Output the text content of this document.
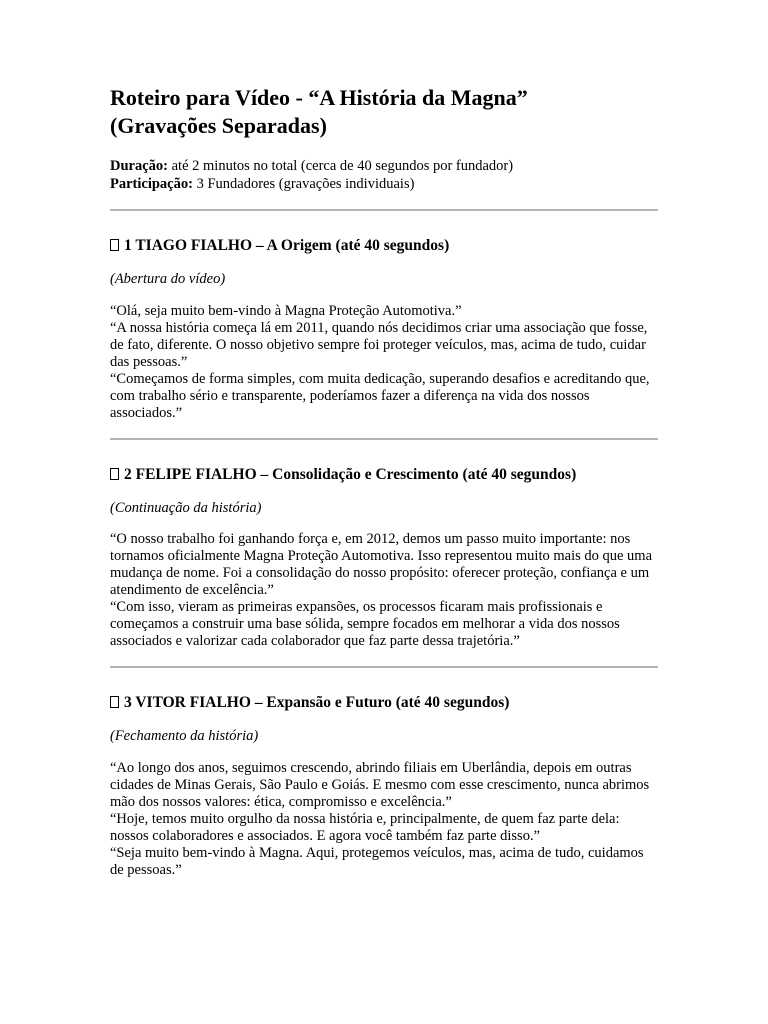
Roteiro para Vídeo - “A História da Magna”
(Gravações Separadas)
Duração: até 2 minutos no total (cerca de 40 segundos por fundador)
Participação: 3 Fundadores (gravações individuais)
1 TIAGO FIALHO – A Origem (até 40 segundos)
(Abertura do vídeo)
“Olá, seja muito bem-vindo à Magna Proteção Automotiva.”
“A nossa história começa lá em 2011, quando nós decidimos criar uma associação que fosse, de fato, diferente. O nosso objetivo sempre foi proteger veículos, mas, acima de tudo, cuidar das pessoas.”
“Começamos de forma simples, com muita dedicação, superando desafios e acreditando que, com trabalho sério e transparente, poderíamos fazer a diferença na vida dos nossos associados.”
2 FELIPE FIALHO – Consolidação e Crescimento (até 40 segundos)
(Continuação da história)
“O nosso trabalho foi ganhando força e, em 2012, demos um passo muito importante: nos tornamos oficialmente Magna Proteção Automotiva. Isso representou muito mais do que uma mudança de nome. Foi a consolidação do nosso propósito: oferecer proteção, confiança e um atendimento de excelência.”
“Com isso, vieram as primeiras expansões, os processos ficaram mais profissionais e começamos a construir uma base sólida, sempre focados em melhorar a vida dos nossos associados e valorizar cada colaborador que faz parte dessa trajetória.”
3 VITOR FIALHO – Expansão e Futuro (até 40 segundos)
(Fechamento da história)
“Ao longo dos anos, seguimos crescendo, abrindo filiais em Uberlândia, depois em outras cidades de Minas Gerais, São Paulo e Goiás. E mesmo com esse crescimento, nunca abrimos mão dos nossos valores: ética, compromisso e excelência.”
“Hoje, temos muito orgulho da nossa história e, principalmente, de quem faz parte dela: nossos colaboradores e associados. E agora você também faz parte disso.”
“Seja muito bem-vindo à Magna. Aqui, protegemos veículos, mas, acima de tudo, cuidamos de pessoas.”
